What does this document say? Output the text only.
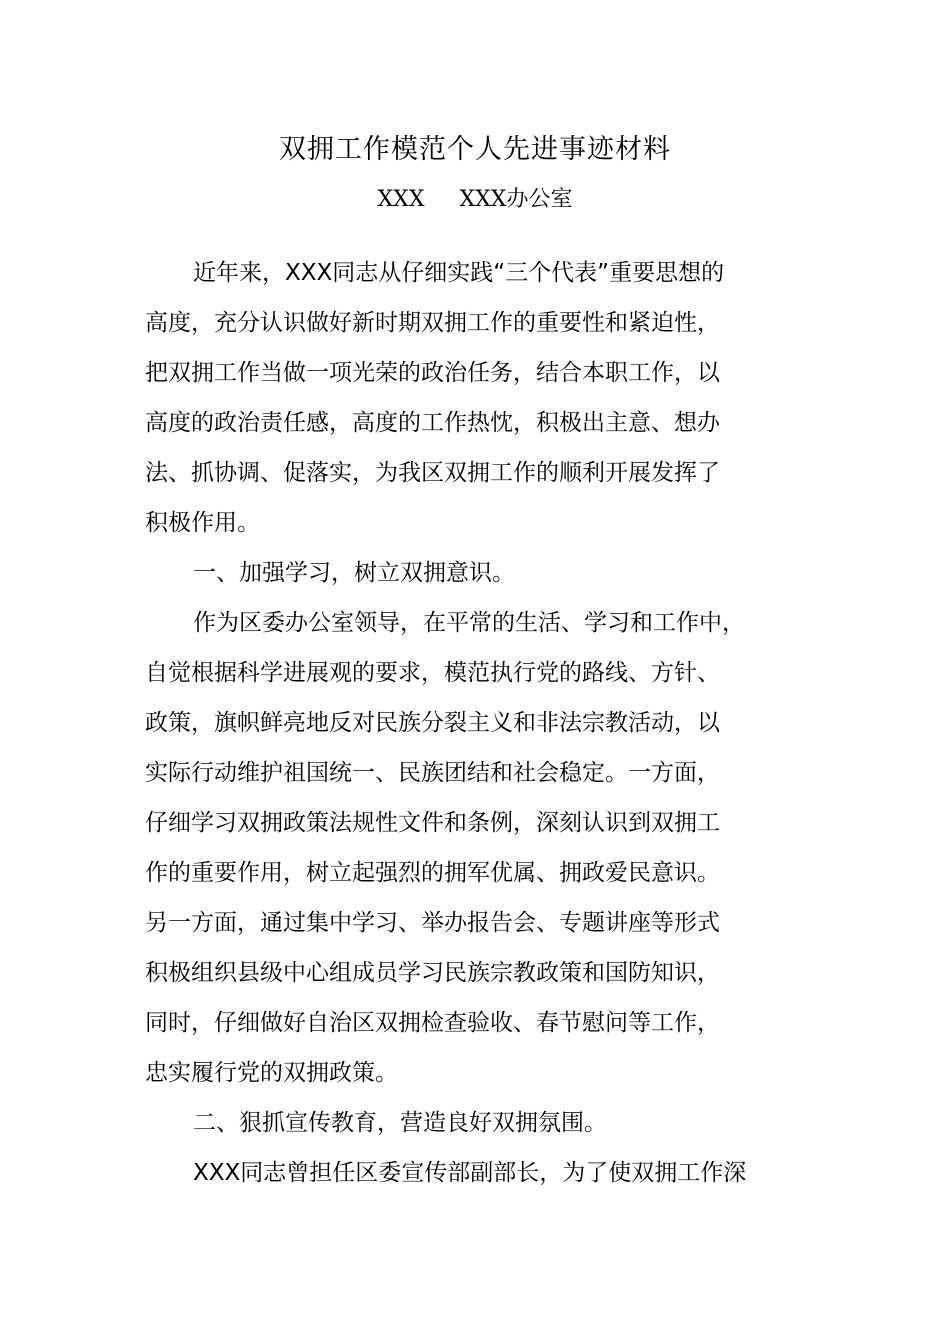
双拥工作模范个人先进事迹材料
XXX     XXX办公室
近年来，XXX同志从仔细实践“三个代表”重要思想的
高度，充分认识做好新时期双拥工作的重要性和紧迫性，
把双拥工作当做一项光荣的政治任务，结合本职工作，以
高度的政治责任感，高度的工作热忱，积极出主意、想办
法、抓协调、促落实，为我区双拥工作的顺利开展发挥了
积极作用。
一、加强学习，树立双拥意识。
作为区委办公室领导，在平常的生活、学习和工作中，
自觉根据科学进展观的要求，模范执行党的路线、方针、
政策，旗帜鲜亮地反对民族分裂主义和非法宗教活动，以
实际行动维护祖国统一、民族团结和社会稳定。一方面，
仔细学习双拥政策法规性文件和条例，深刻认识到双拥工
作的重要作用，树立起强烈的拥军优属、拥政爱民意识。
另一方面，通过集中学习、举办报告会、专题讲座等形式
积极组织县级中心组成员学习民族宗教政策和国防知识，
同时，仔细做好自治区双拥检查验收、春节慰问等工作，
忠实履行党的双拥政策。
二、狠抓宣传教育，营造良好双拥氛围。
XXX同志曾担任区委宣传部副部长，为了使双拥工作深
